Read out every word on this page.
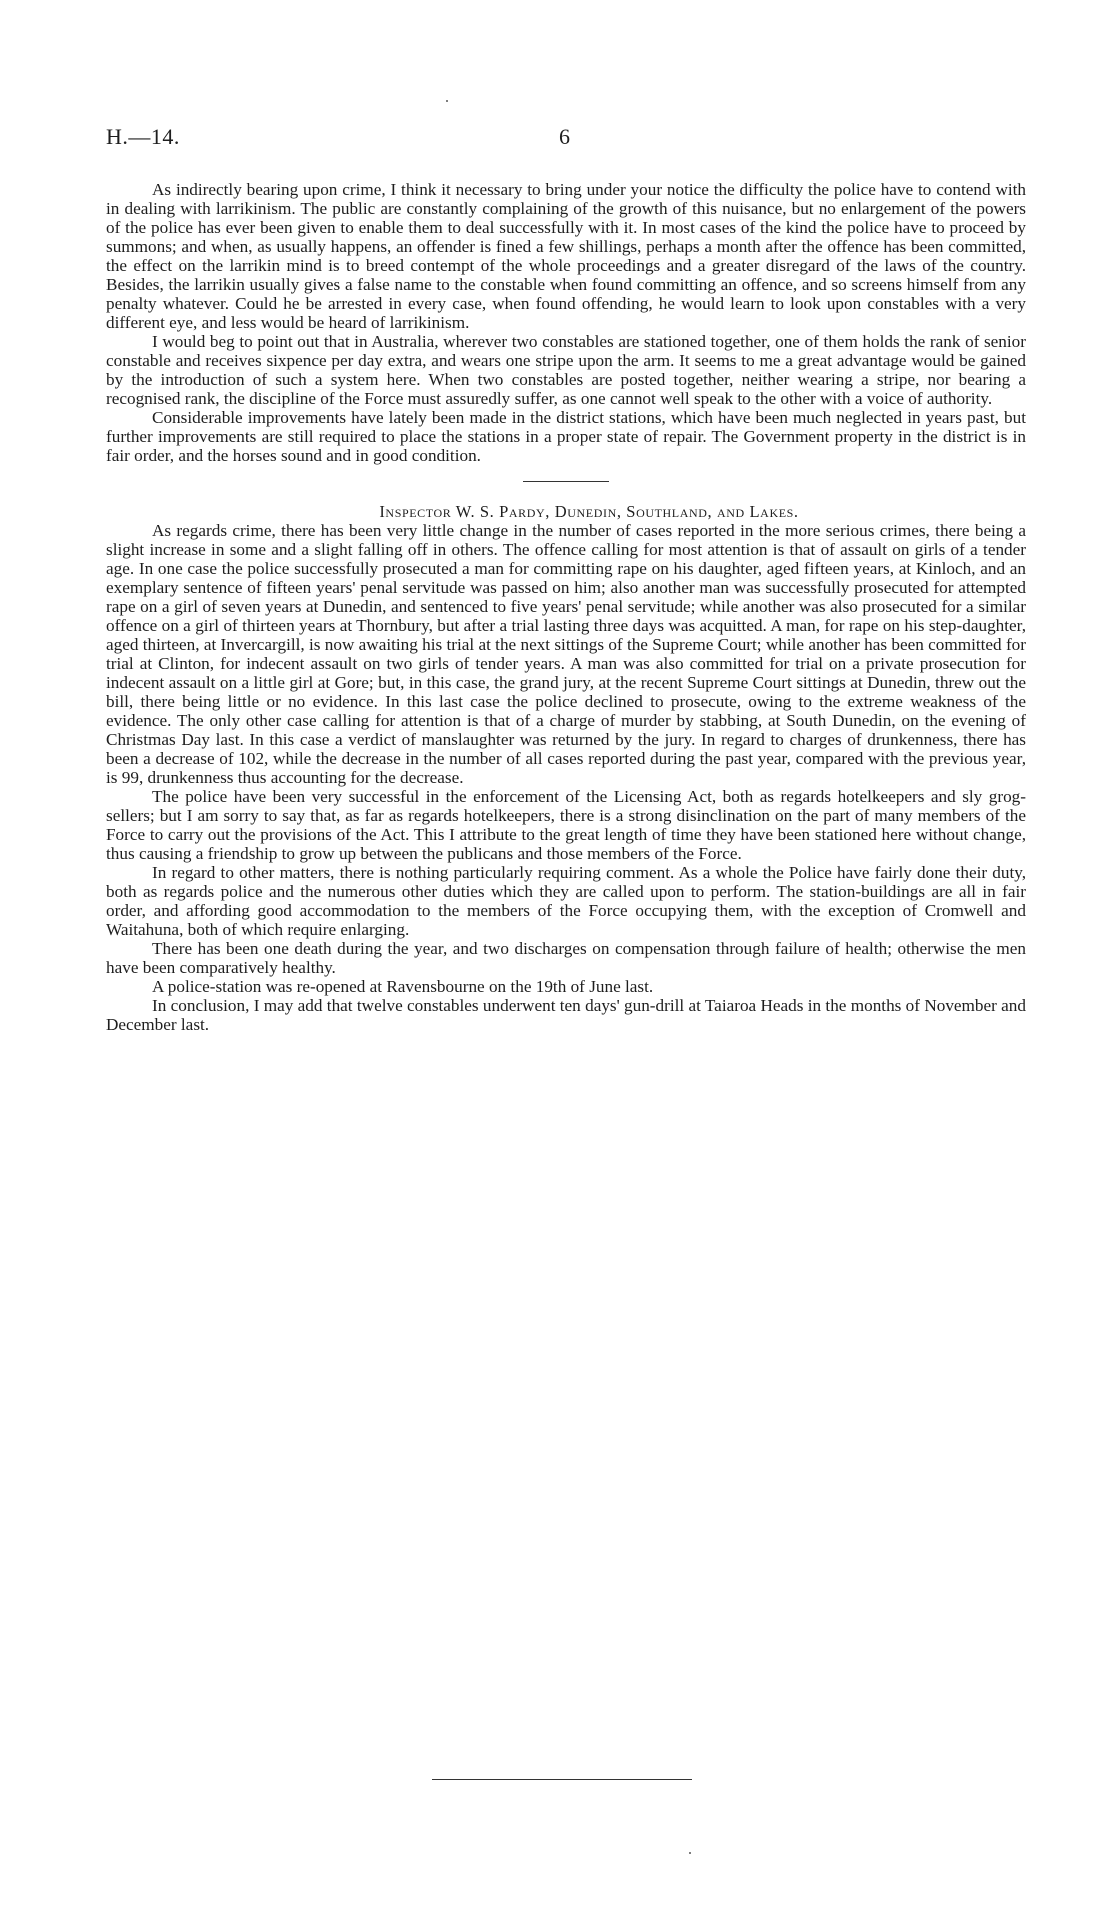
H.—14.	6

As indirectly bearing upon crime, I think it necessary to bring under your notice the difficulty the police have to contend with in dealing with larrikinism. The public are constantly complaining of the growth of this nuisance, but no enlargement of the powers of the police has ever been given to enable them to deal successfully with it. In most cases of the kind the police have to proceed by summons; and when, as usually happens, an offender is fined a few shillings, perhaps a month after the offence has been committed, the effect on the larrikin mind is to breed contempt of the whole proceedings and a greater disregard of the laws of the country. Besides, the larrikin usually gives a false name to the constable when found committing an offence, and so screens himself from any penalty whatever. Could he be arrested in every case, when found offending, he would learn to look upon constables with a very different eye, and less would be heard of larrikinism.

I would beg to point out that in Australia, wherever two constables are stationed together, one of them holds the rank of senior constable and receives sixpence per day extra, and wears one stripe upon the arm. It seems to me a great advantage would be gained by the introduction of such a system here. When two constables are posted together, neither wearing a stripe, nor bearing a recognised rank, the discipline of the Force must assuredly suffer, as one cannot well speak to the other with a voice of authority.

Considerable improvements have lately been made in the district stations, which have been much neglected in years past, but further improvements are still required to place the stations in a proper state of repair. The Government property in the district is in fair order, and the horses sound and in good condition.

Inspector W. S. Pardy, Dunedin, Southland, and Lakes.

As regards crime, there has been very little change in the number of cases reported in the more serious crimes, there being a slight increase in some and a slight falling off in others. The offence calling for most attention is that of assault on girls of a tender age. In one case the police successfully prosecuted a man for committing rape on his daughter, aged fifteen years, at Kinloch, and an exemplary sentence of fifteen years' penal servitude was passed on him; also another man was successfully prosecuted for attempted rape on a girl of seven years at Dunedin, and sentenced to five years' penal servitude; while another was also prosecuted for a similar offence on a girl of thirteen years at Thornbury, but after a trial lasting three days was acquitted. A man, for rape on his step-daughter, aged thirteen, at Invercargill, is now awaiting his trial at the next sittings of the Supreme Court; while another has been committed for trial at Clinton, for indecent assault on two girls of tender years. A man was also committed for trial on a private prosecution for indecent assault on a little girl at Gore; but, in this case, the grand jury, at the recent Supreme Court sittings at Dunedin, threw out the bill, there being little or no evidence. In this last case the police declined to prosecute, owing to the extreme weakness of the evidence. The only other case calling for attention is that of a charge of murder by stabbing, at South Dunedin, on the evening of Christmas Day last. In this case a verdict of manslaughter was returned by the jury. In regard to charges of drunkenness, there has been a decrease of 102, while the decrease in the number of all cases reported during the past year, compared with the previous year, is 99, drunkenness thus accounting for the decrease.

The police have been very successful in the enforcement of the Licensing Act, both as regards hotelkeepers and sly grog-sellers; but I am sorry to say that, as far as regards hotelkeepers, there is a strong disinclination on the part of many members of the Force to carry out the provisions of the Act. This I attribute to the great length of time they have been stationed here without change, thus causing a friendship to grow up between the publicans and those members of the Force.

In regard to other matters, there is nothing particularly requiring comment. As a whole the Police have fairly done their duty, both as regards police and the numerous other duties which they are called upon to perform. The station-buildings are all in fair order, and affording good accommodation to the members of the Force occupying them, with the exception of Cromwell and Waitahuna, both of which require enlarging.

There has been one death during the year, and two discharges on compensation through failure of health; otherwise the men have been comparatively healthy.

A police-station was re-opened at Ravensbourne on the 19th of June last.

In conclusion, I may add that twelve constables underwent ten days' gun-drill at Taiaroa Heads in the months of November and December last.
